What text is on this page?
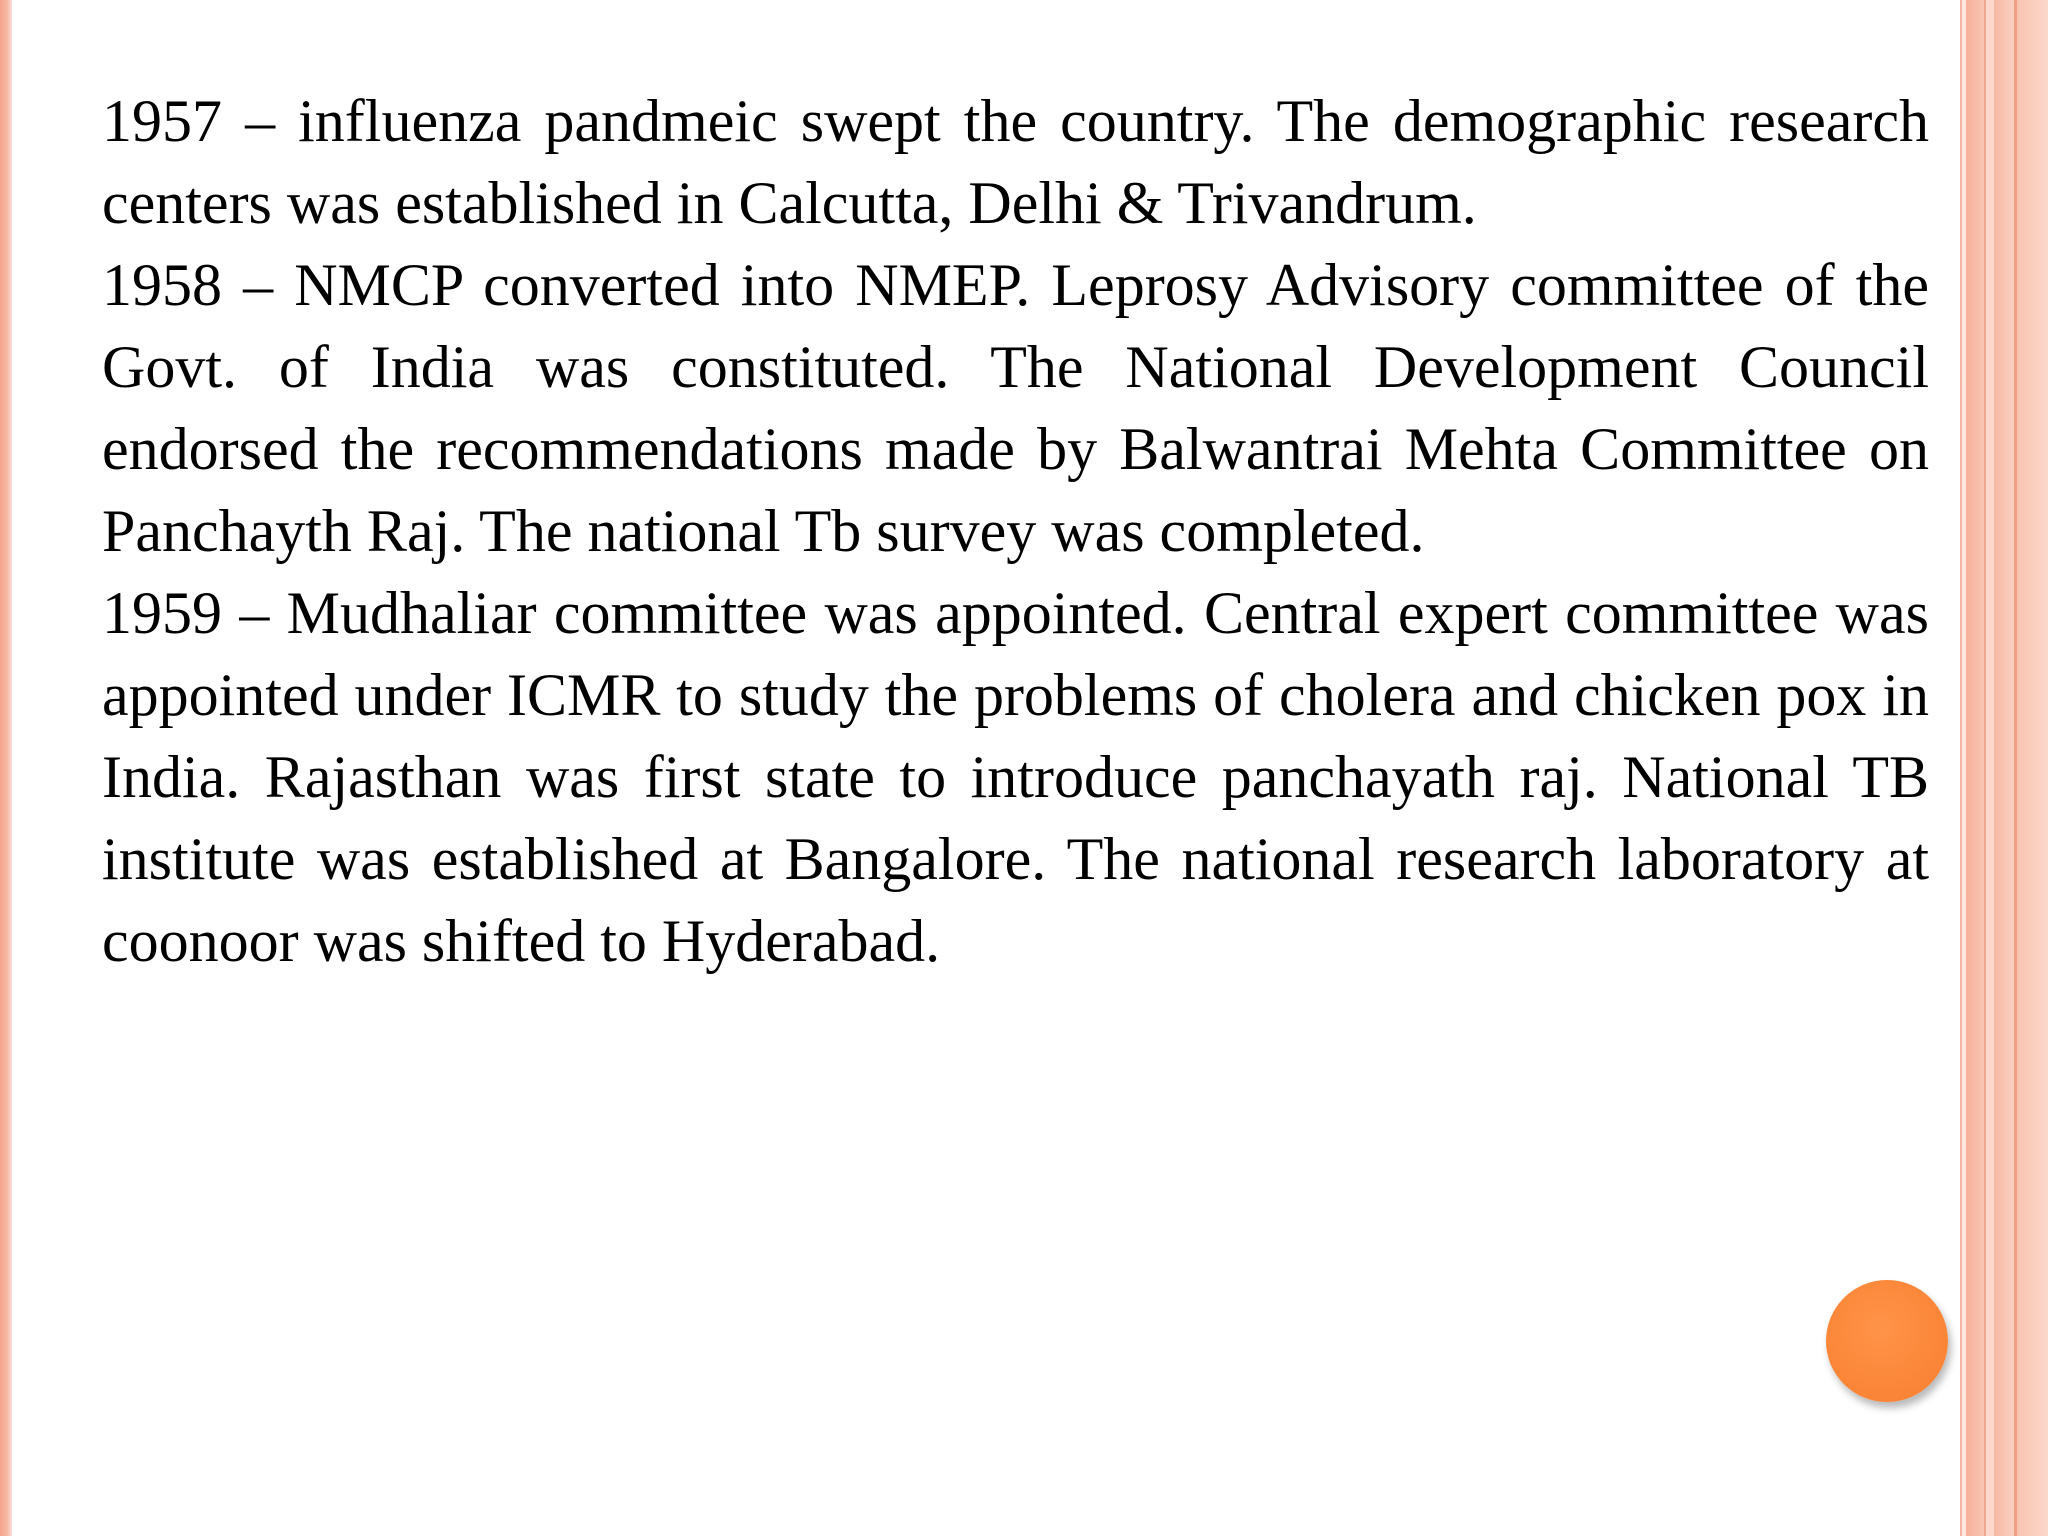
1957 – influenza pandmeic swept the country. The demographic research centers was established in Calcutta, Delhi & Trivandrum.

1958 – NMCP converted into NMEP. Leprosy Advisory committee of the Govt. of India was constituted. The National Development Council endorsed the recommendations made by Balwantrai Mehta Committee on Panchayth Raj. The national Tb survey was completed.

1959 – Mudhaliar committee was appointed. Central expert committee was appointed under ICMR to study the problems of cholera and chicken pox in India. Rajasthan was first state to introduce panchayath raj. National TB institute was established at Bangalore. The national research laboratory at coonoor was shifted to Hyderabad.
